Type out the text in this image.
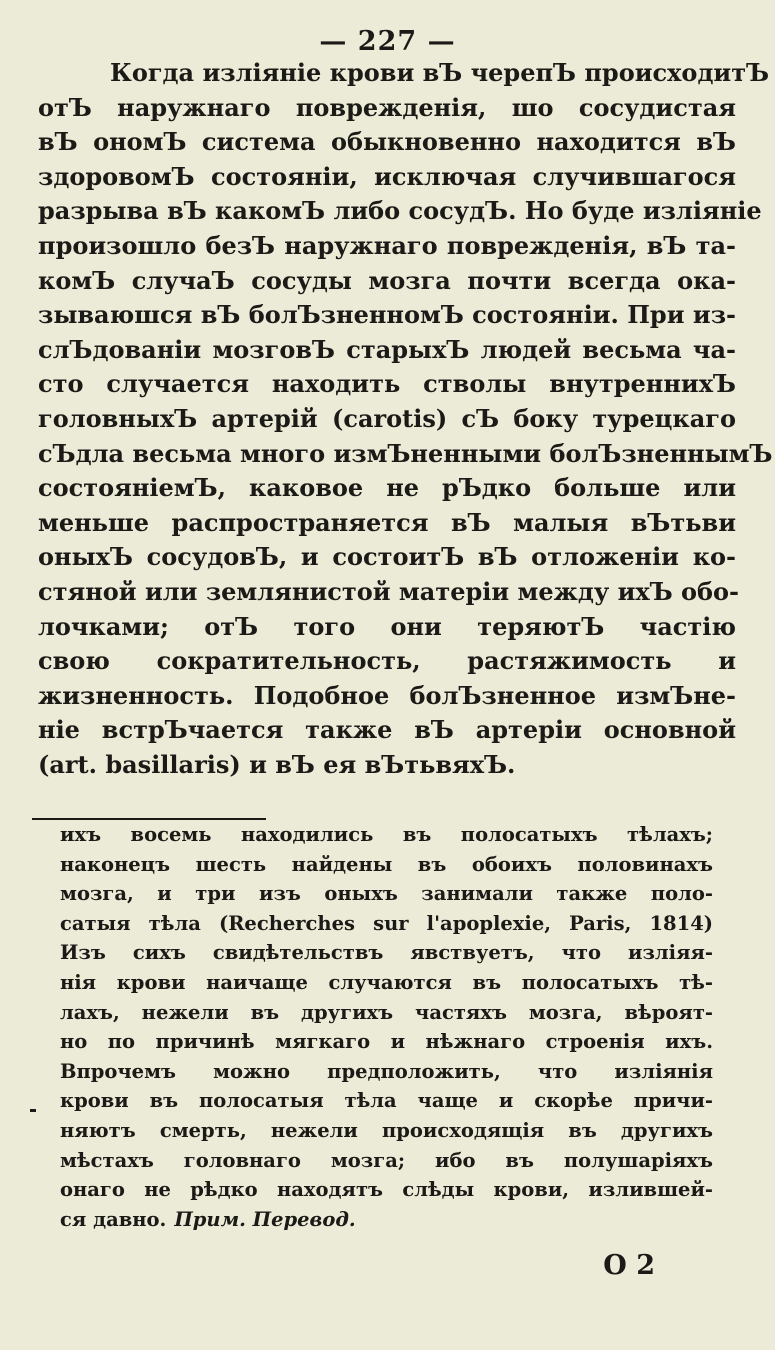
— 227 —
Когда изліяніе крови вЪ черепЪ происходитЪ
отЪ наружнаго поврежденія, шо сосудистая
вЪ ономЪ система обыкновенно находится вЪ
здоровомЪ состояніи, исключая случившагося
разрыва вЪ какомЪ либо сосудЪ. Но буде изліяніе
произошло безЪ наружнаго поврежденія, вЪ та-
комЪ случаЪ сосуды мозга почти всегда ока-
зываюшся вЪ болЪзненномЪ состояніи. При из-
слЪдованіи мозговЪ старыхЪ людей весьма ча-
сто случается находить стволы внутреннихЪ
головныхЪ артерій (carotis) сЪ боку турецкаго
сЪдла весьма много измЪненными болЪзненнымЪ
состояніемЪ, каковое не рЪдко больше или
меньше распространяется вЪ малыя вЪтьви
оныхЪ сосудовЪ, и состоитЪ вЪ отложеніи ко-
стяной или землянистой матеріи между ихЪ обо-
лочками; отЪ того они теряютЪ частію
свою сократительность, растяжимость и
жизненность. Подобное болЪзненное измЪне-
ніе встрЪчается также вЪ артеріи основной
(art. basillaris) и вЪ ея вЪтьвяхЪ.
ихъ восемь находились въ полосатыхъ тѣлахъ;
наконецъ шесть найдены въ обоихъ половинахъ
мозга, и три изъ оныхъ занимали также поло-
сатыя тѣла (Recherches sur l'apoplexie, Paris, 1814)
Изъ сихъ свидѣтельствъ явствуетъ, что изліяя-
нія крови наичаще случаются въ полосатыхъ тѣ-
лахъ, нежели въ другихъ частяхъ мозга, вѣроят-
но по причинѣ мягкаго и нѣжнаго строенія ихъ.
Впрочемъ можно предположить, что изліянія
крови въ полосатыя тѣла чаще и скорѣе причи-
няютъ смерть, нежели происходящія въ другихъ
мѣстахъ головнаго мозга; ибо въ полушаріяхъ
онаго не рѣдко находятъ слѣды крови, излившей-
ся давно. Прим. Перевод.
О 2
